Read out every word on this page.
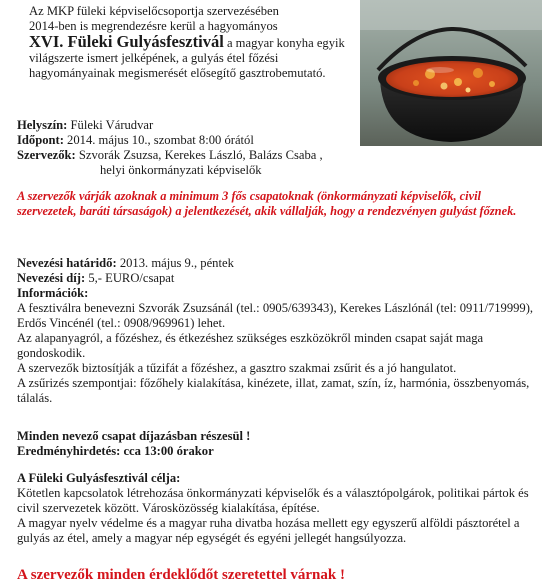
Az MKP füleki képviselőcsoportja szervezésében
2014-ben is megrendezésre kerül a hagyományos
XVI. Füleki Gulyásfesztivál a magyar konyha egyik
világszerte ismert jelképének, a gulyás étel főzési
hagyományainak megismerését elősegítő gasztrobemutató.
Helyszín: Füleki Várudvar
Időpont: 2014. május 10., szombat 8:00 órától
Szervezők: Szvorák Zsuzsa, Kerekes László, Balázs Csaba ,
helyi önkormányzati képviselők
A szervezők várják azoknak a minimum 3 fős csapatoknak (önkormányzati képviselők, civil szervezetek, baráti társaságok) a jelentkezését, akik vállalják, hogy a rendezvényen gulyást főznek.
Nevezési határidő: 2013. május 9., péntek
Nevezési díj: 5,- EURO/csapat
Információk:
A fesztiválra benevezni Szvorák Zsuzsánál (tel.: 0905/639343), Kerekes Lászlónál (tel: 0911/719999), Erdős Vincénél (tel.: 0908/969961) lehet.
Az alapanyagról, a főzéshez, és étkezéshez szükséges eszközökről minden csapat saját maga gondoskodik.
A szervezők biztosítják a tűzifát a főzéshez, a gasztro szakmai zsűrit és a jó hangulatot.
A zsűrizés szempontjai: főzőhely kialakítása, kinézete, illat, zamat, szín, íz, harmónia, összbenyomás, tálalás.
Minden nevező csapat díjazásban részesül !
Eredményhirdetés: cca 13:00 órakor
A Füleki Gulyásfesztivál célja:
Kötetlen kapcsolatok létrehozása önkormányzati képviselők és a választópolgárok, politikai pártok és civil szervezetek között. Városközösség kialakítása, építése.
A magyar nyelv védelme és a magyar ruha divatba hozása mellett egy egyszerű alföldi pásztorétel a gulyás az étel, amely a magyar nép egységét és egyéni jellegét hangsúlyozza.
A szervezők minden érdeklődőt szeretettel várnak !
